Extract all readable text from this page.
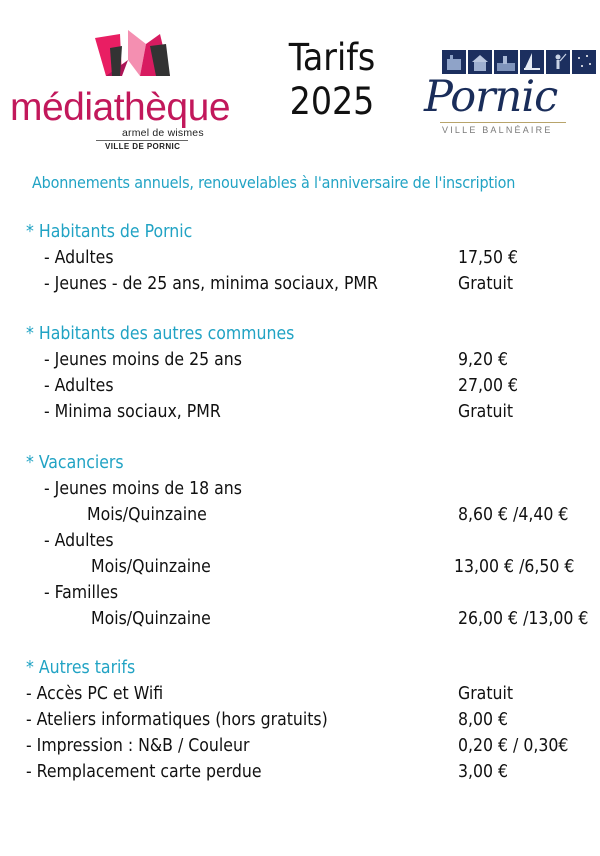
médiathèque
armel de wismes
VILLE DE PORNIC
Tarifs
2025	Pornic
VILLE BALNÉAIRE
Abonnements annuels, renouvelables à l'anniversaire de l'inscription
* Habitants de Pornic
- Adultes	17,50 €
- Jeunes - de 25 ans, minima sociaux, PMR	Gratuit
* Habitants des autres communes
- Jeunes moins de 25 ans	9,20 €
- Adultes	27,00 €
- Minima sociaux, PMR	Gratuit
* Vacanciers
- Jeunes moins de 18 ans
Mois/Quinzaine	8,60 € /4,40 €
- Adultes
Mois/Quinzaine	13,00 € /6,50 €
- Familles
Mois/Quinzaine	26,00 € /13,00 €
* Autres tarifs
- Accès PC et Wifi	Gratuit
- Ateliers informatiques (hors gratuits)	8,00 €
- Impression : N&B / Couleur	0,20 € / 0,30€
- Remplacement carte perdue	3,00 €
